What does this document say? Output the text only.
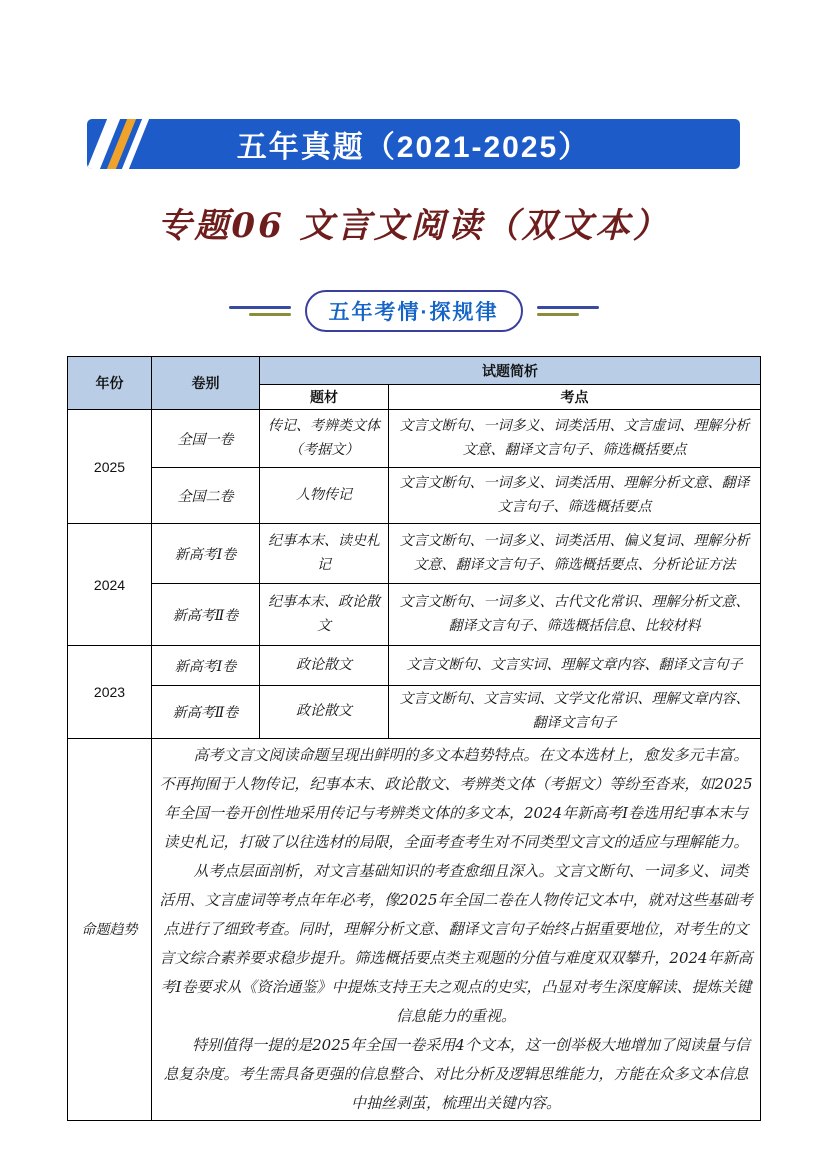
五年真题（2021-2025）
专题06 文言文阅读（双文本）
五年考情·探规律
年份	卷别	试题简析	
		题材	考点
2025	全国一卷	传记、考辨类文体（考据文）	文言文断句、一词多义、词类活用、文言虚词、理解分析文意、翻译文言句子、筛选概括要点
	全国二卷	人物传记	文言文断句、一词多义、词类活用、理解分析文意、翻译文言句子、筛选概括要点
2024	新高考Ⅰ卷	纪事本末、读史札记	文言文断句、一词多义、词类活用、偏义复词、理解分析文意、翻译文言句子、筛选概括要点、分析论证方法
	新高考Ⅱ卷	纪事本末、政论散文	文言文断句、一词多义、古代文化常识、理解分析文意、翻译文言句子、筛选概括信息、比较材料
2023	新高考Ⅰ卷	政论散文	文言文断句、文言实词、理解文章内容、翻译文言句子
	新高考Ⅱ卷	政论散文	文言文断句、文言实词、文学文化常识、理解文章内容、翻译文言句子
命题趋势	高考文言文阅读命题呈现出鲜明的多文本趋势特点。在文本选材上，愈发多元丰富。不再拘囿于人物传记，纪事本末、政论散文、考辨类文体（考据文）等纷至沓来，如2025年全国一卷开创性地采用传记与考辨类文体的多文本，2024年新高考Ⅰ卷选用纪事本末与读史札记，打破了以往选材的局限，全面考查考生对不同类型文言文的适应与理解能力。

从考点层面剖析，对文言基础知识的考查愈细且深入。文言文断句、一词多义、词类活用、文言虚词等考点年年必考，像2025年全国二卷在人物传记文本中，就对这些基础考点进行了细致考查。同时，理解分析文意、翻译文言句子始终占据重要地位，对考生的文言文综合素养要求稳步提升。筛选概括要点类主观题的分值与难度双双攀升，2024年新高考Ⅰ卷要求从《资治通鉴》中提炼支持王夫之观点的史实，凸显对考生深度解读、提炼关键信息能力的重视。

特别值得一提的是2025年全国一卷采用4个文本，这一创举极大地增加了阅读量与信息复杂度。考生需具备更强的信息整合、对比分析及逻辑思维能力，方能在众多文本信息中抽丝剥茧，梳理出关键内容。		
